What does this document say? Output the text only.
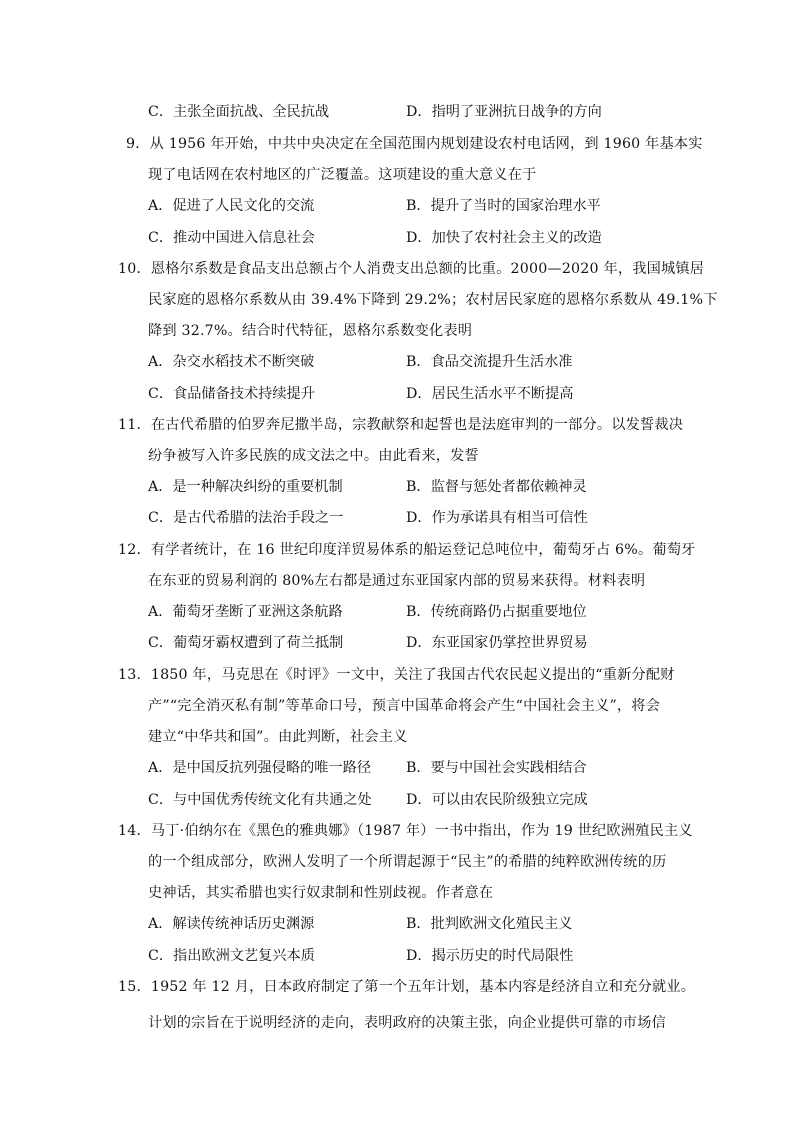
C．主张全面抗战、全民抗战	D．指明了亚洲抗日战争的方向
9．从 1956 年开始，中共中央决定在全国范围内规划建设农村电话网，到 1960 年基本实
现了电话网在农村地区的广泛覆盖。这项建设的重大意义在于
A．促进了人民文化的交流	B．提升了当时的国家治理水平
C．推动中国进入信息社会	D．加快了农村社会主义的改造
10．恩格尔系数是食品支出总额占个人消费支出总额的比重。2000—2020 年，我国城镇居
民家庭的恩格尔系数从由 39.4%下降到 29.2%；农村居民家庭的恩格尔系数从 49.1%下
降到 32.7%。结合时代特征，恩格尔系数变化表明
A．杂交水稻技术不断突破	B．食品交流提升生活水准
C．食品储备技术持续提升	D．居民生活水平不断提高
11．在古代希腊的伯罗奔尼撒半岛，宗教献祭和起誓也是法庭审判的一部分。以发誓裁决
纷争被写入许多民族的成文法之中。由此看来，发誓
A．是一种解决纠纷的重要机制	B．监督与惩处者都依赖神灵
C．是古代希腊的法治手段之一	D．作为承诺具有相当可信性
12．有学者统计，在 16 世纪印度洋贸易体系的船运登记总吨位中，葡萄牙占 6%。葡萄牙
在东亚的贸易利润的 80%左右都是通过东亚国家内部的贸易来获得。材料表明
A．葡萄牙垄断了亚洲这条航路	B．传统商路仍占据重要地位
C．葡萄牙霸权遭到了荷兰抵制	D．东亚国家仍掌控世界贸易
13．1850 年，马克思在《时评》一文中，关注了我国古代农民起义提出的“重新分配财
产”“完全消灭私有制”等革命口号，预言中国革命将会产生“中国社会主义”，将会
建立“中华共和国”。由此判断，社会主义
A．是中国反抗列强侵略的唯一路径 B．要与中国社会实践相结合
C．与中国优秀传统文化有共通之处 D．可以由农民阶级独立完成
14．马丁·伯纳尔在《黑色的雅典娜》（1987 年）一书中指出，作为 19 世纪欧洲殖民主义
的一个组成部分，欧洲人发明了一个所谓起源于“民主”的希腊的纯粹欧洲传统的历
史神话，其实希腊也实行奴隶制和性别歧视。作者意在
A．解读传统神话历史渊源	B．批判欧洲文化殖民主义
C．指出欧洲文艺复兴本质	D．揭示历史的时代局限性
15．1952 年 12 月，日本政府制定了第一个五年计划，基本内容是经济自立和充分就业。
计划的宗旨在于说明经济的走向，表明政府的决策主张，向企业提供可靠的市场信
